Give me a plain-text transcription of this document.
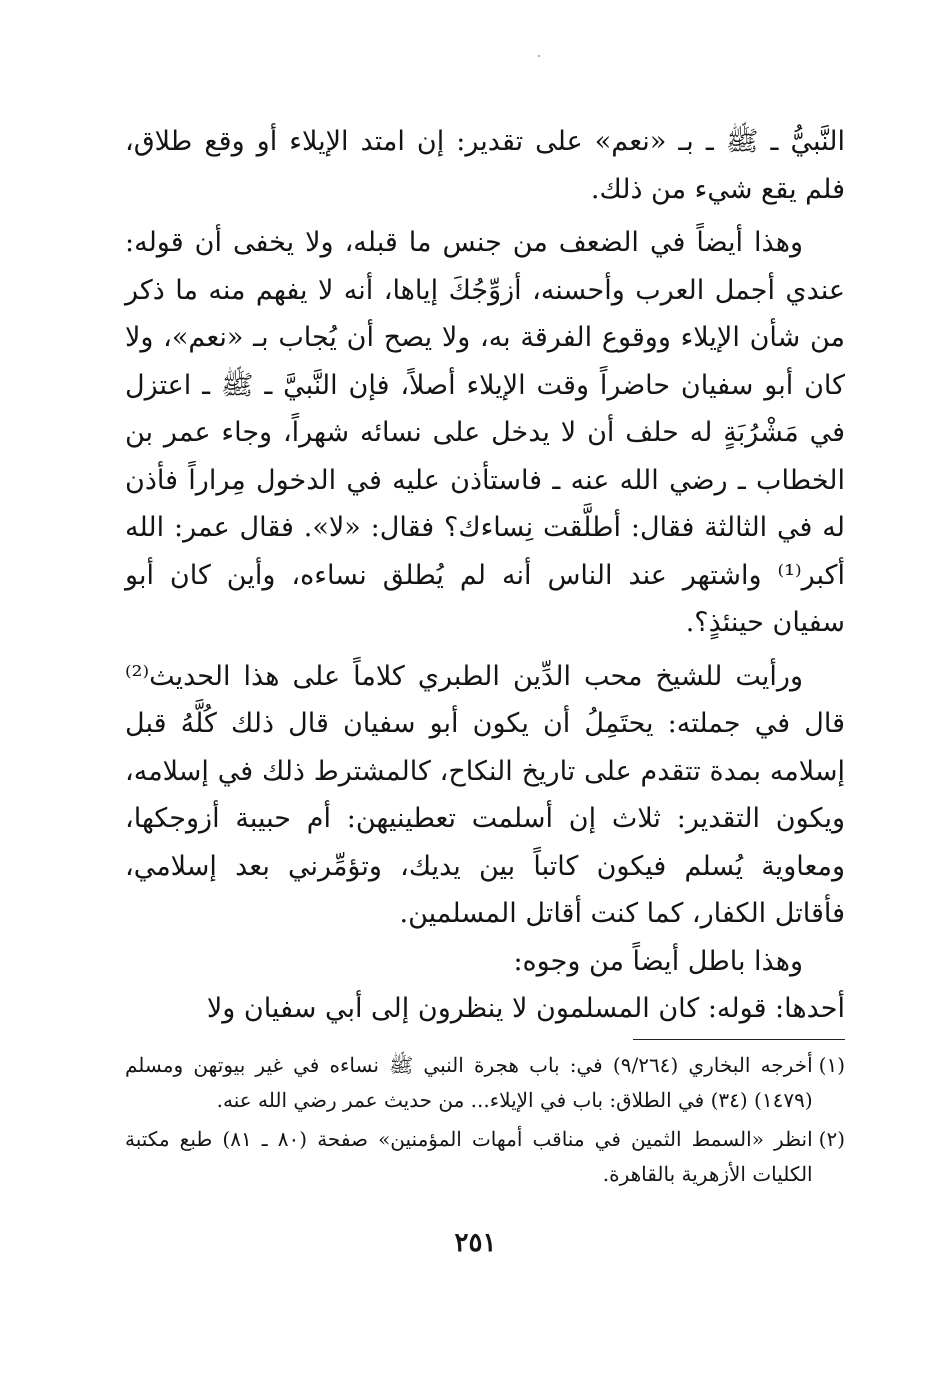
النَّبيُّ ـ ﷺ ـ بـ «نعم» على تقدير: إن امتد الإيلاء أو وقع طلاق، فلم يقع شيء من ذلك.

وهذا أيضاً في الضعف من جنس ما قبله، ولا يخفى أن قوله: عندي أجمل العرب وأحسنه، أزوِّجُكَ إياها، أنه لا يفهم منه ما ذكر من شأن الإيلاء ووقوع الفرقة به، ولا يصح أن يُجاب بـ «نعم»، ولا كان أبو سفيان حاضراً وقت الإيلاء أصلاً، فإن النَّبيَّ ـ ﷺ ـ اعتزل في مَشْرُبَةٍ له حلف أن لا يدخل على نسائه شهراً، وجاء عمر بن الخطاب ـ رضي الله عنه ـ فاستأذن عليه في الدخول مِراراً فأذن له في الثالثة فقال: أطلَّقت نِساءك؟ فقال: «لا». فقال عمر: الله أكبر⁽¹⁾ واشتهر عند الناس أنه لم يُطلق نساءه، وأين كان أبو سفيان حينئذٍ؟.

ورأيت للشيخ محب الدِّين الطبري كلاماً على هذا الحديث⁽²⁾ قال في جملته: يحتَمِلُ أن يكون أبو سفيان قال ذلك كُلَّهُ قبل إسلامه بمدة تتقدم على تاريخ النكاح، كالمشترط ذلك في إسلامه، ويكون التقدير: ثلاث إن أسلمت تعطينيهن: أم حبيبة أزوجكها، ومعاوية يُسلم فيكون كاتباً بين يديك، وتؤمِّرني بعد إسلامي، فأقاتل الكفار، كما كنت أقاتل المسلمين.

وهذا باطل أيضاً من وجوه:

أحدها: قوله: كان المسلمون لا ينظرون إلى أبي سفيان ولا

(١)
أخرجه البخاري (٩/٢٦٤) في: باب هجرة النبي ﷺ نساءه في غير بيوتهن ومسلم (١٤٧٩) (٣٤) في الطلاق: باب في الإيلاء... من حديث عمر رضي الله عنه.
(٢)
انظر «السمط الثمين في مناقب أمهات المؤمنين» صفحة (٨٠ ـ ٨١) طبع مكتبة الكليات الأزهرية بالقاهرة.
٢٥١
